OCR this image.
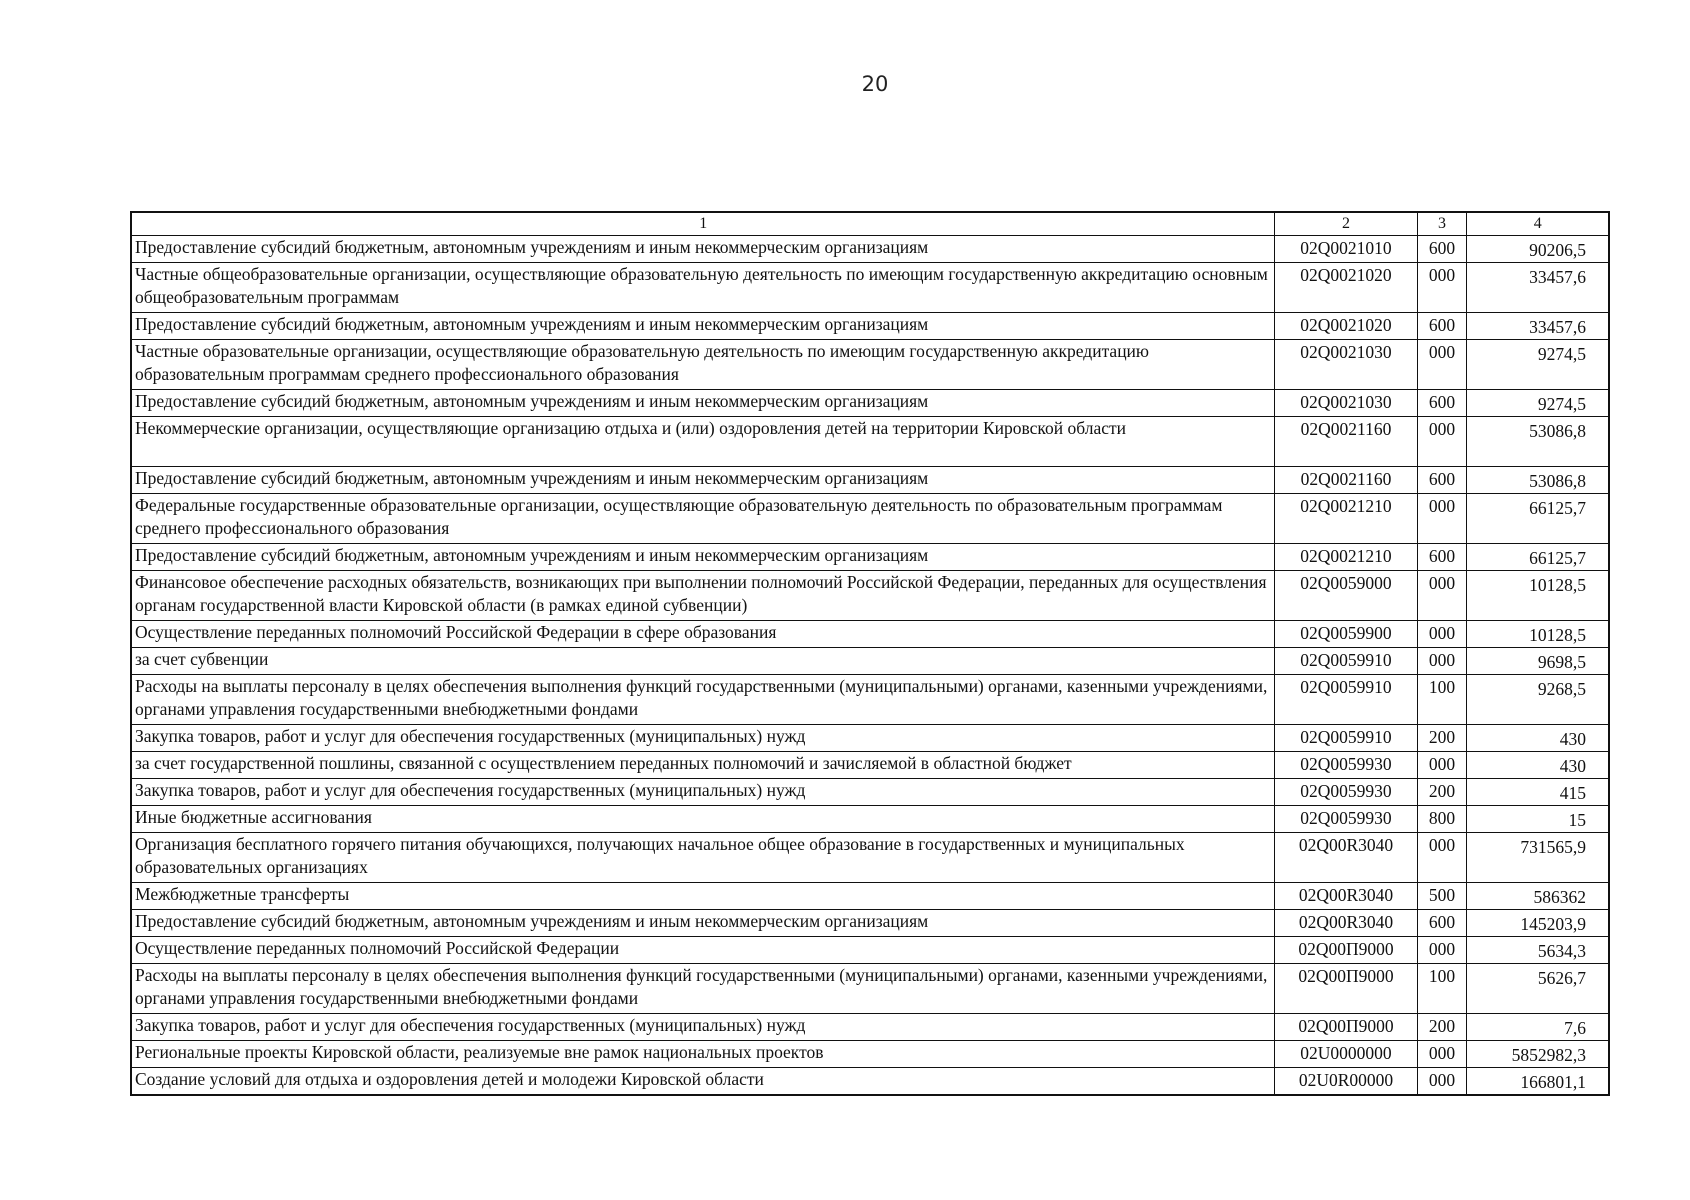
20
1	2	3	4
Предоставление субсидий бюджетным, автономным учреждениям и иным некоммерческим организациям	02Q0021010	600	90206,5
Частные общеобразовательные организации, осуществляющие образовательную деятельность по имеющим государственную аккредитацию основным общеобразовательным программам	02Q0021020	000	33457,6
Предоставление субсидий бюджетным, автономным учреждениям и иным некоммерческим организациям	02Q0021020	600	33457,6
Частные образовательные организации, осуществляющие образовательную деятельность по имеющим государственную аккредитацию образовательным программам среднего профессионального образования	02Q0021030	000	9274,5
Предоставление субсидий бюджетным, автономным учреждениям и иным некоммерческим организациям	02Q0021030	600	9274,5
Некоммерческие организации, осуществляющие организацию отдыха и (или) оздоровления детей на территории Кировской области	02Q0021160	000	53086,8
Предоставление субсидий бюджетным, автономным учреждениям и иным некоммерческим организациям	02Q0021160	600	53086,8
Федеральные государственные образовательные организации, осуществляющие образовательную деятельность по образовательным программам среднего профессионального образования	02Q0021210	000	66125,7
Предоставление субсидий бюджетным, автономным учреждениям и иным некоммерческим организациям	02Q0021210	600	66125,7
Финансовое обеспечение расходных обязательств, возникающих при выполнении полномочий Российской Федерации, переданных для осуществления органам государственной власти Кировской области (в рамках единой субвенции)	02Q0059000	000	10128,5
Осуществление переданных полномочий Российской Федерации в сфере образования	02Q0059900	000	10128,5
за счет субвенции	02Q0059910	000	9698,5
Расходы на выплаты персоналу в целях обеспечения выполнения функций государственными (муниципальными) органами, казенными учреждениями, органами управления государственными внебюджетными фондами	02Q0059910	100	9268,5
Закупка товаров, работ и услуг для обеспечения государственных (муниципальных) нужд	02Q0059910	200	430
за счет государственной пошлины, связанной с осуществлением переданных полномочий и зачисляемой в областной бюджет	02Q0059930	000	430
Закупка товаров, работ и услуг для обеспечения государственных (муниципальных) нужд	02Q0059930	200	415
Иные бюджетные ассигнования	02Q0059930	800	15
Организация бесплатного горячего питания обучающихся, получающих начальное общее образование в государственных и муниципальных образовательных организациях	02Q00R3040	000	731565,9
Межбюджетные трансферты	02Q00R3040	500	586362
Предоставление субсидий бюджетным, автономным учреждениям и иным некоммерческим организациям	02Q00R3040	600	145203,9
Осуществление переданных полномочий Российской Федерации	02Q00П9000	000	5634,3
Расходы на выплаты персоналу в целях обеспечения выполнения функций государственными (муниципальными) органами, казенными учреждениями, органами управления государственными внебюджетными фондами	02Q00П9000	100	5626,7
Закупка товаров, работ и услуг для обеспечения государственных (муниципальных) нужд	02Q00П9000	200	7,6
Региональные проекты Кировской области, реализуемые вне рамок национальных проектов	02U0000000	000	5852982,3
Создание условий для отдыха и оздоровления детей и молодежи Кировской области	02U0R00000	000	166801,1
